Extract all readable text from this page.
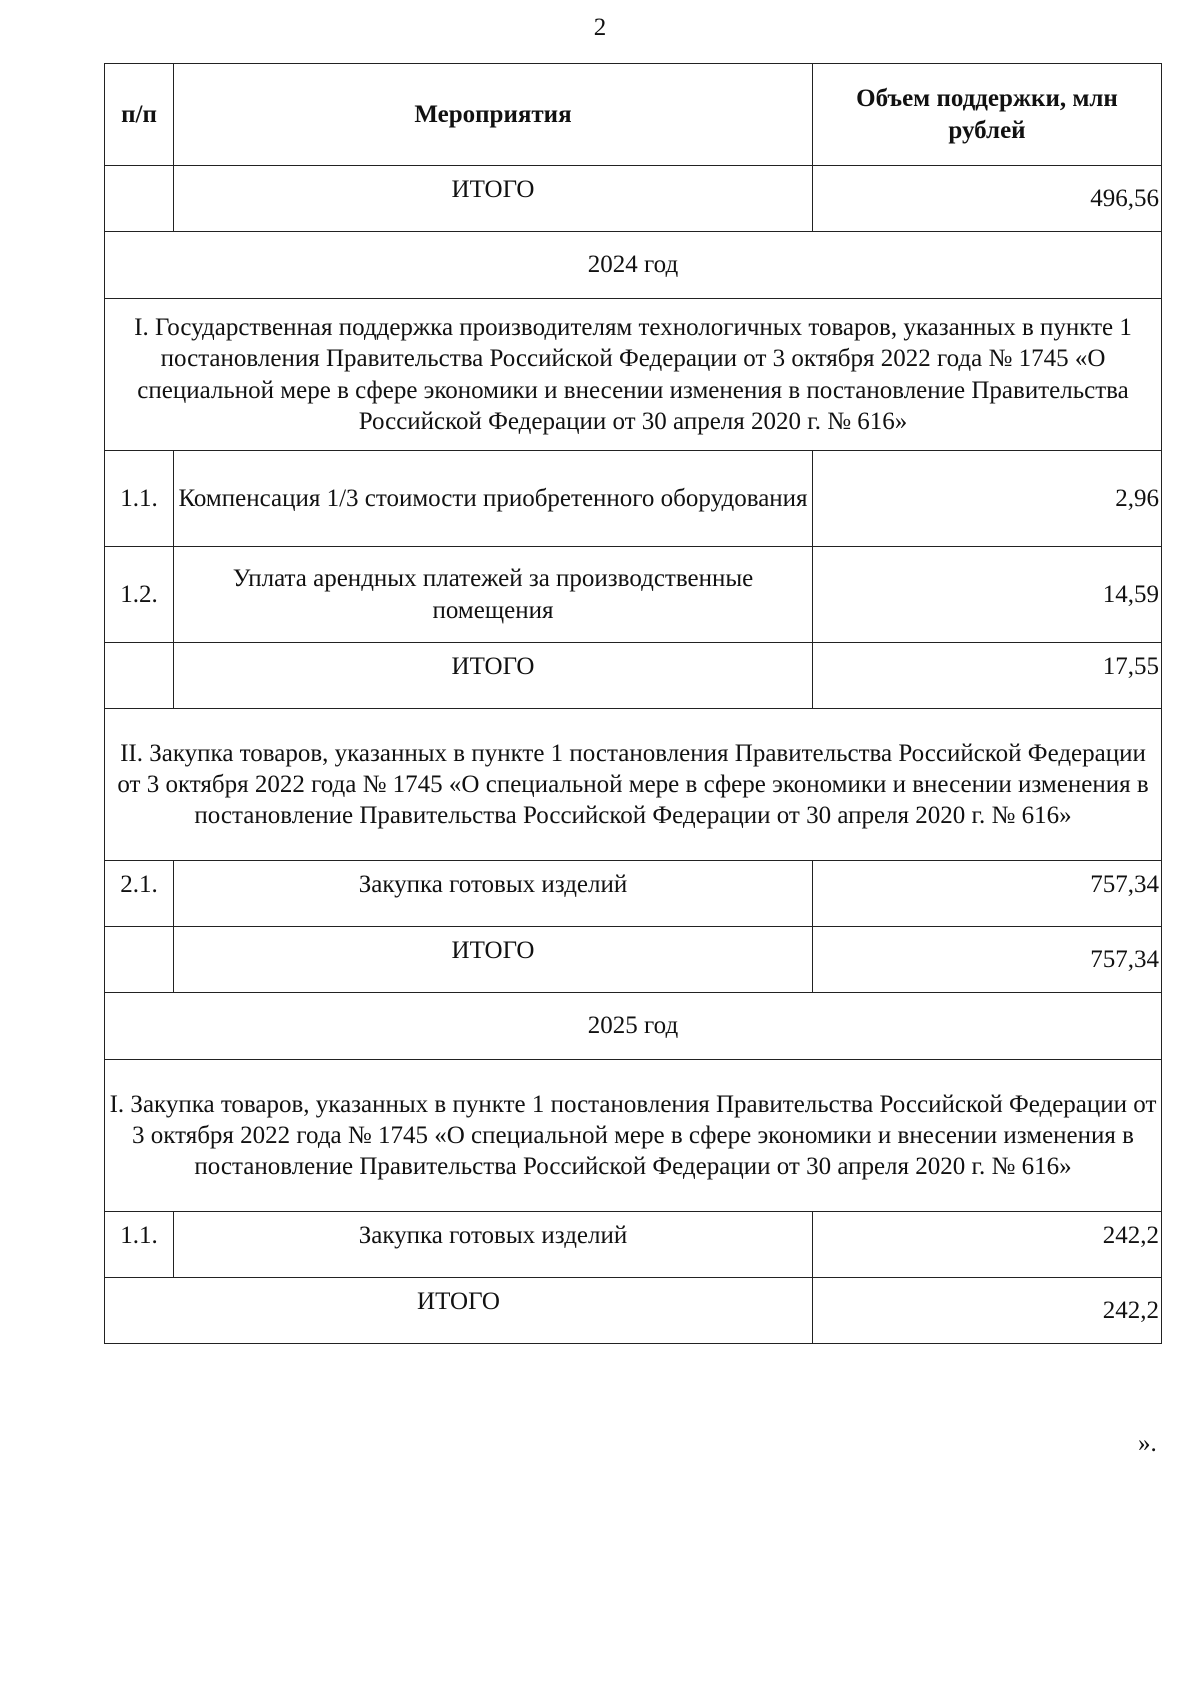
2
п/п	Мероприятия	Объем поддержки, млн рублей
	ИТОГО	496,56
2024 год		
I. Государственная поддержка производителям технологичных товаров, указанных в пункте 1 постановления Правительства Российской Федерации от 3 октября 2022 года № 1745 «О специальной мере в сфере экономики и внесении изменения в постановление Правительства Российской Федерации от 30 апреля 2020 г. № 616»		
1.1.	Компенсация 1/3 стоимости приобретенного оборудования	2,96
1.2.	Уплата арендных платежей за производственные помещения	14,59
	ИТОГО	17,55
II. Закупка товаров, указанных в пункте 1 постановления Правительства Российской Федерации от 3 октября 2022 года № 1745 «О специальной мере в сфере экономики и внесении изменения в постановление Правительства Российской Федерации от 30 апреля 2020 г. № 616»		
2.1.	Закупка готовых изделий	757,34
	ИТОГО	757,34
2025 год		
I. Закупка товаров, указанных в пункте 1 постановления Правительства Российской Федерации от 3 октября 2022 года № 1745 «О специальной мере в сфере экономики и внесении изменения в постановление Правительства Российской Федерации от 30 апреля 2020 г. № 616»		
1.1.	Закупка готовых изделий	242,2
ИТОГО		242,2
».
